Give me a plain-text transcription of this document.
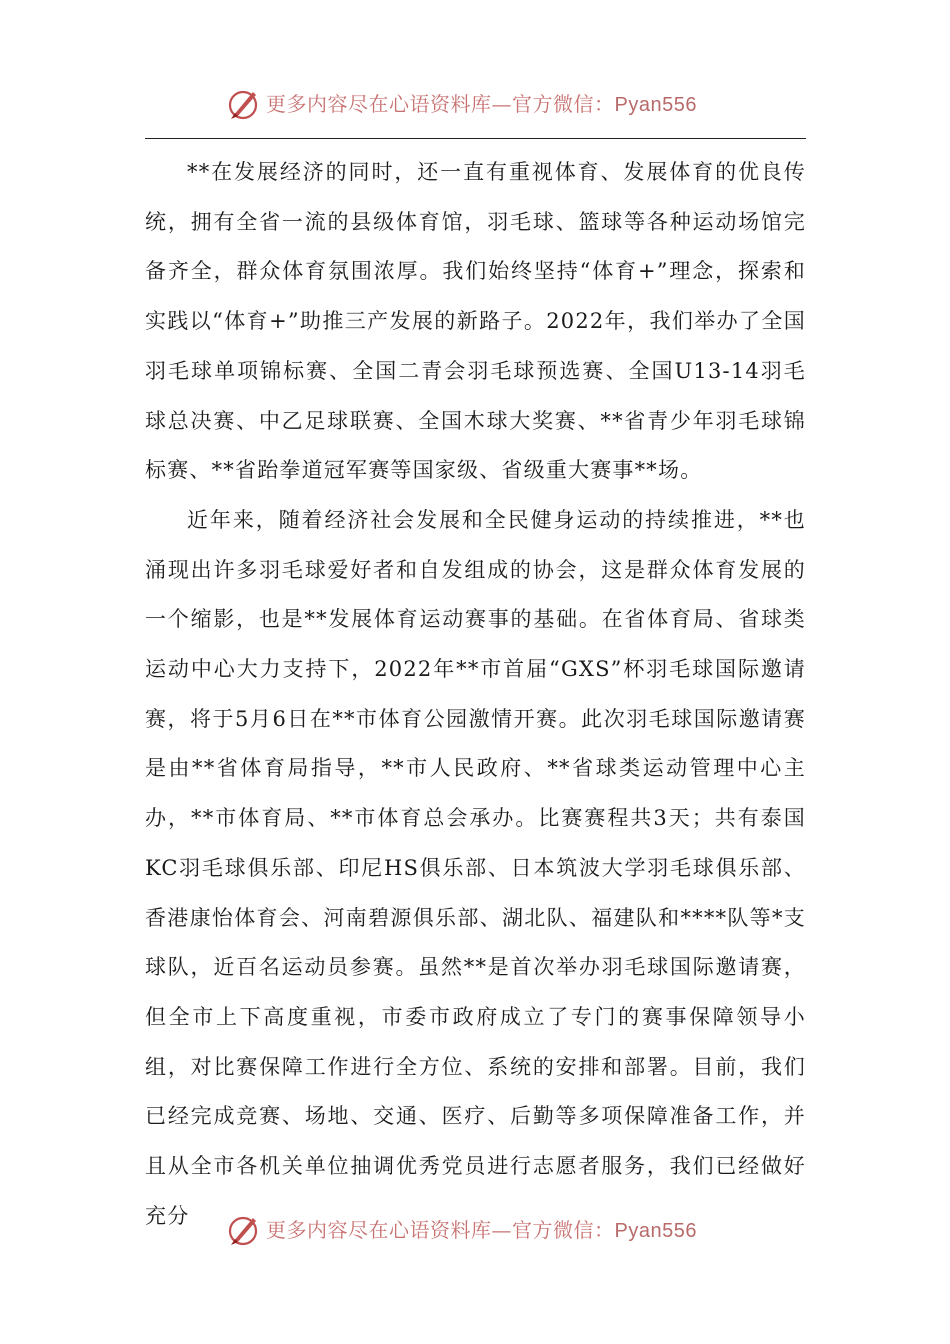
更多内容尽在心语资料库—官方微信：Pyan556

**在发展经济的同时，还一直有重视体育、发展体育的优良传统，拥有全省一流的县级体育馆，羽毛球、篮球等各种运动场馆完备齐全，群众体育氛围浓厚。我们始终坚持“体育+”理念，探索和实践以“体育+”助推三产发展的新路子。2022年，我们举办了全国羽毛球单项锦标赛、全国二青会羽毛球预选赛、全国U13-14羽毛球总决赛、中乙足球联赛、全国木球大奖赛、**省青少年羽毛球锦标赛、**省跆拳道冠军赛等国家级、省级重大赛事**场。

近年来，随着经济社会发展和全民健身运动的持续推进，**也涌现出许多羽毛球爱好者和自发组成的协会，这是群众体育发展的一个缩影，也是**发展体育运动赛事的基础。在省体育局、省球类运动中心大力支持下，2022年**市首届“GXS”杯羽毛球国际邀请赛，将于5月6日在**市体育公园激情开赛。此次羽毛球国际邀请赛是由**省体育局指导，**市人民政府、**省球类运动管理中心主办，**市体育局、**市体育总会承办。比赛赛程共3天；共有泰国KC羽毛球俱乐部、印尼HS俱乐部、日本筑波大学羽毛球俱乐部、香港康怡体育会、河南碧源俱乐部、湖北队、福建队和****队等*支球队，近百名运动员参赛。虽然**是首次举办羽毛球国际邀请赛，但全市上下高度重视，市委市政府成立了专门的赛事保障领导小组，对比赛保障工作进行全方位、系统的安排和部署。目前，我们已经完成竞赛、场地、交通、医疗、后勤等多项保障准备工作，并且从全市各机关单位抽调优秀党员进行志愿者服务，我们已经做好充分

更多内容尽在心语资料库—官方微信：Pyan556
